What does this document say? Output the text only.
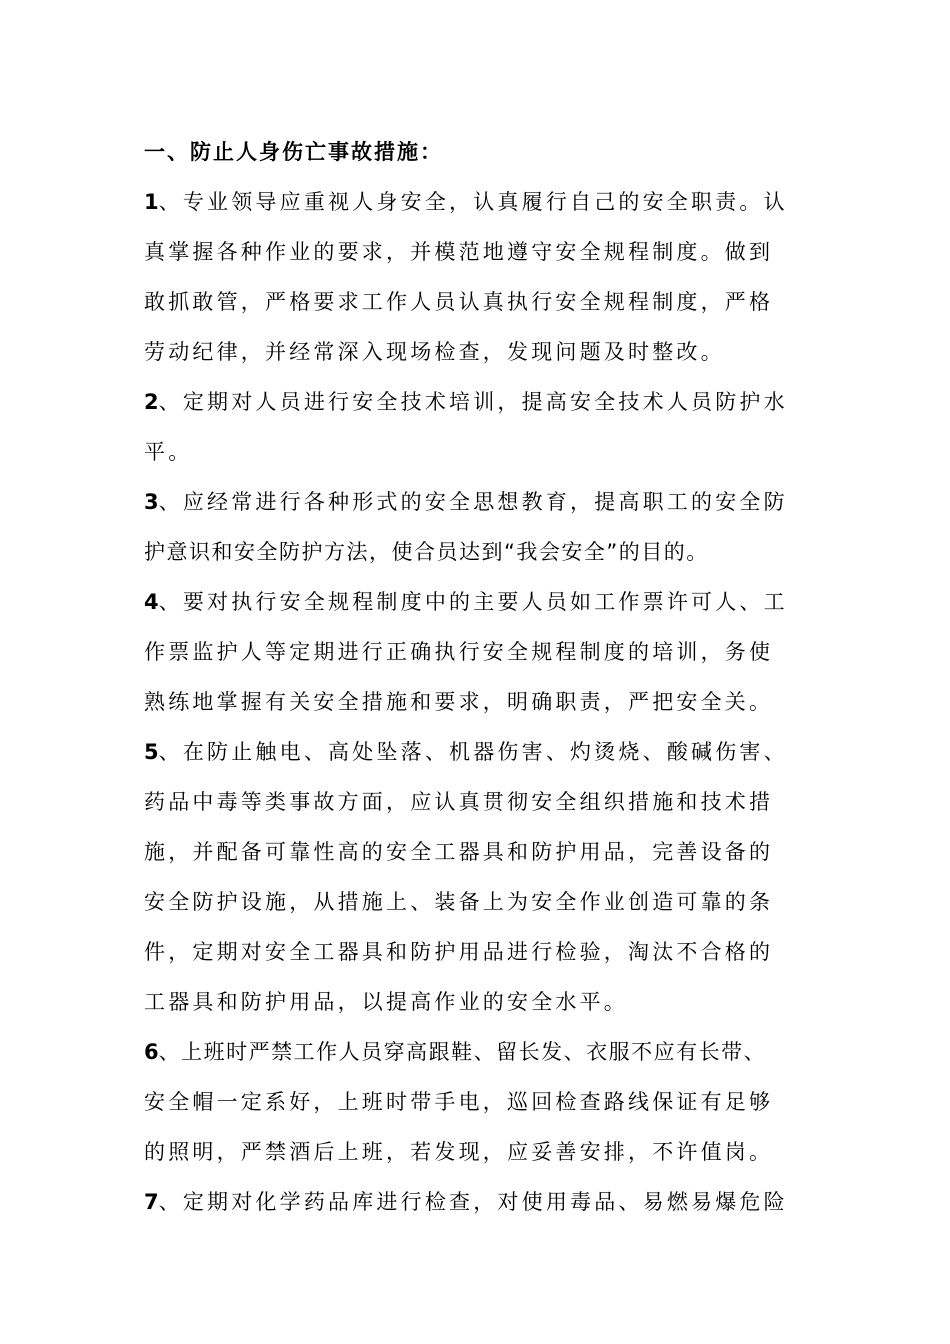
一、防止人身伤亡事故措施：
1、专业领导应重视人身安全，认真履行自己的安全职责。认
真掌握各种作业的要求，并模范地遵守安全规程制度。做到
敢抓敢管，严格要求工作人员认真执行安全规程制度，严格
劳动纪律，并经常深入现场检查，发现问题及时整改。
2、定期对人员进行安全技术培训，提高安全技术人员防护水
平。
3、应经常进行各种形式的安全思想教育，提高职工的安全防
护意识和安全防护方法，使合员达到“我会安全”的目的。
4、要对执行安全规程制度中的主要人员如工作票许可人、工
作票监护人等定期进行正确执行安全规程制度的培训，务使
熟练地掌握有关安全措施和要求，明确职责，严把安全关。
5、在防止触电、高处坠落、机器伤害、灼烫烧、酸碱伤害、
药品中毒等类事故方面，应认真贯彻安全组织措施和技术措
施，并配备可靠性高的安全工器具和防护用品，完善设备的
安全防护设施，从措施上、装备上为安全作业创造可靠的条
件，定期对安全工器具和防护用品进行检验，淘汰不合格的
工器具和防护用品，以提高作业的安全水平。
6、上班时严禁工作人员穿高跟鞋、留长发、衣服不应有长带、
安全帽一定系好，上班时带手电，巡回检查路线保证有足够
的照明，严禁酒后上班，若发现，应妥善安排，不许值岗。
7、定期对化学药品库进行检查，对使用毒品、易燃易爆危险
